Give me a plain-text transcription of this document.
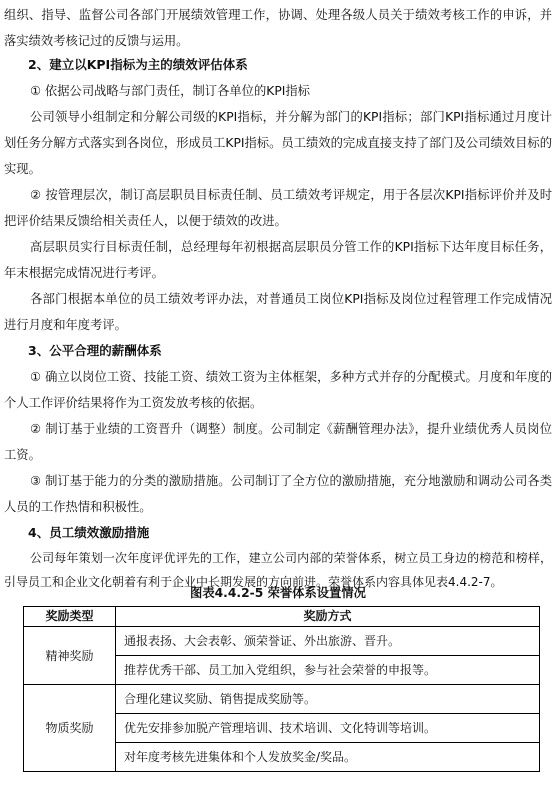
组织、指导、监督公司各部门开展绩效管理工作，协调、处理各级人员关于绩效考核工作的申诉，并落实绩效考核记过的反馈与运用。

2、建立以KPI指标为主的绩效评估体系

① 依据公司战略与部门责任，制订各单位的KPI指标

公司领导小组制定和分解公司级的KPI指标，并分解为部门的KPI指标；部门KPI指标通过月度计划任务分解方式落实到各岗位，形成员工KPI指标。员工绩效的完成直接支持了部门及公司绩效目标的实现。

② 按管理层次，制订高层职员目标责任制、员工绩效考评规定，用于各层次KPI指标评价并及时把评价结果反馈给相关责任人，以便于绩效的改进。

高层职员实行目标责任制，总经理每年初根据高层职员分管工作的KPI指标下达年度目标任务，年末根据完成情况进行考评。

各部门根据本单位的员工绩效考评办法，对普通员工岗位KPI指标及岗位过程管理工作完成情况进行月度和年度考评。

3、公平合理的薪酬体系

① 确立以岗位工资、技能工资、绩效工资为主体框架，多种方式并存的分配模式。月度和年度的个人工作评价结果将作为工资发放考核的依据。

② 制订基于业绩的工资晋升（调整）制度。公司制定《薪酬管理办法》，提升业绩优秀人员岗位工资。

③ 制订基于能力的分类的激励措施。公司制订了全方位的激励措施，充分地激励和调动公司各类人员的工作热情和积极性。

4、员工绩效激励措施

公司每年策划一次年度评优评先的工作，建立公司内部的荣誉体系，树立员工身边的榜范和榜样，引导员工和企业文化朝着有利于企业中长期发展的方向前进。荣誉体系内容具体见表4.4.2-7。

图表4.4.2-5 荣誉体系设置情况
奖励类型	奖励方式
精神奖励	通报表扬、大会表彰、颁荣誉证、外出旅游、晋升。
	推荐优秀干部、员工加入党组织，参与社会荣誉的申报等。
物质奖励	合理化建议奖励、销售提成奖励等。
	优先安排参加脱产管理培训、技术培训、文化特训等培训。
	对年度考核先进集体和个人发放奖金/奖品。
